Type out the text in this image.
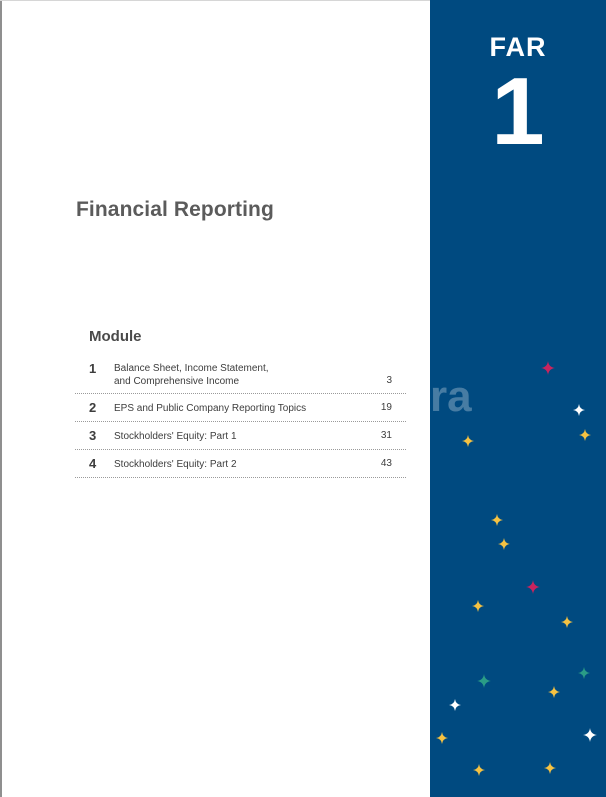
Financial Reporting
Module
1 Balance Sheet, Income Statement,
and Comprehensive Income	3
2 EPS and Public Company Reporting Topics	19
3 Stockholders' Equity: Part 1	31
4 Stockholders' Equity: Part 2	43
FAR
1
ra
